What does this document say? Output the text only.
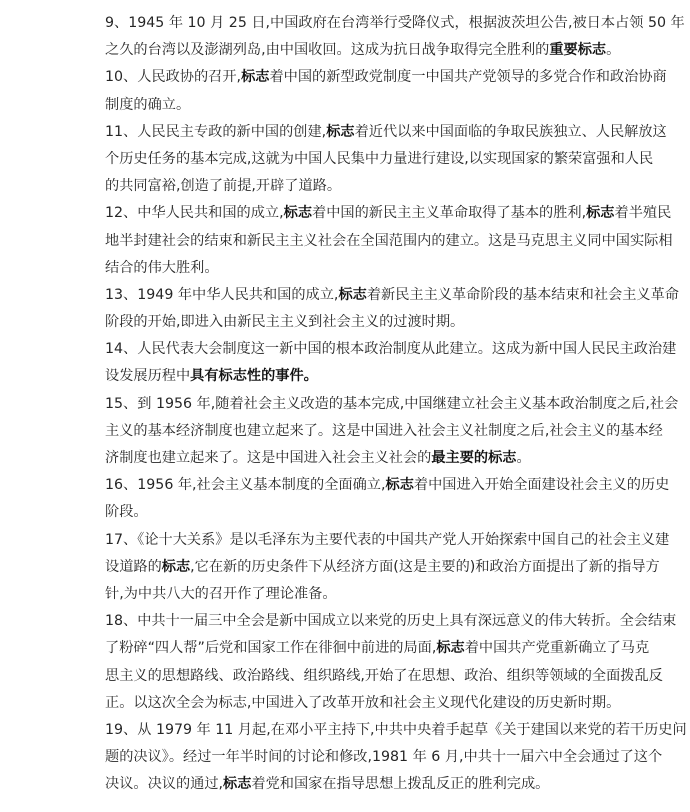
9、1945 年 10 月 25 日,中国政府在台湾举行受降仪式，根据波茨坦公告,被日本占领 50 年
之久的台湾以及澎湖列岛,由中国收回。这成为抗日战争取得完全胜利的重要标志。
10、人民政协的召开,标志着中国的新型政党制度一中国共产党领导的多党合作和政治协商
制度的确立。
11、人民民主专政的新中国的创建,标志着近代以来中国面临的争取民族独立、人民解放这
个历史任务的基本完成,这就为中国人民集中力量进行建设,以实现国家的繁荣富强和人民
的共同富裕,创造了前提,开辟了道路。
12、中华人民共和国的成立,标志着中国的新民主主义革命取得了基本的胜利,标志着半殖民
地半封建社会的结束和新民主主义社会在全国范围内的建立。这是马克思主义同中国实际相
结合的伟大胜利。
13、1949 年中华人民共和国的成立,标志着新民主主义革命阶段的基本结束和社会主义革命
阶段的开始,即进入由新民主主义到社会主义的过渡时期。
14、人民代表大会制度这一新中国的根本政治制度从此建立。这成为新中国人民民主政治建
设发展历程中具有标志性的事件。
15、到 1956 年,随着社会主义改造的基本完成,中国继建立社会主义基本政治制度之后,社会
主义的基本经济制度也建立起来了。这是中国进入社会主义社制度之后,社会主义的基本经
济制度也建立起来了。这是中国进入社会主义社会的最主要的标志。
16、1956 年,社会主义基本制度的全面确立,标志着中国进入开始全面建设社会主义的历史
阶段。
17、《论十大关系》是以毛泽东为主要代表的中国共产党人开始探索中国自己的社会主义建
设道路的标志,它在新的历史条件下从经济方面(这是主要的)和政治方面提出了新的指导方
针,为中共八大的召开作了理论准备。
18、中共十一届三中全会是新中国成立以来党的历史上具有深远意义的伟大转折。全会结束
了粉碎“四人帮”后党和国家工作在徘徊中前进的局面,标志着中国共产党重新确立了马克
思主义的思想路线、政治路线、组织路线,开始了在思想、政治、组织等领域的全面拨乱反
正。以这次全会为标志,中国进入了改革开放和社会主义现代化建设的历史新时期。
19、从 1979 年 11 月起,在邓小平主持下,中共中央着手起草《关于建国以来党的若干历史问
题的决议》。经过一年半时间的讨论和修改,1981 年 6 月,中共十一届六中全会通过了这个
决议。决议的通过,标志着党和国家在指导思想上拨乱反正的胜利完成。
